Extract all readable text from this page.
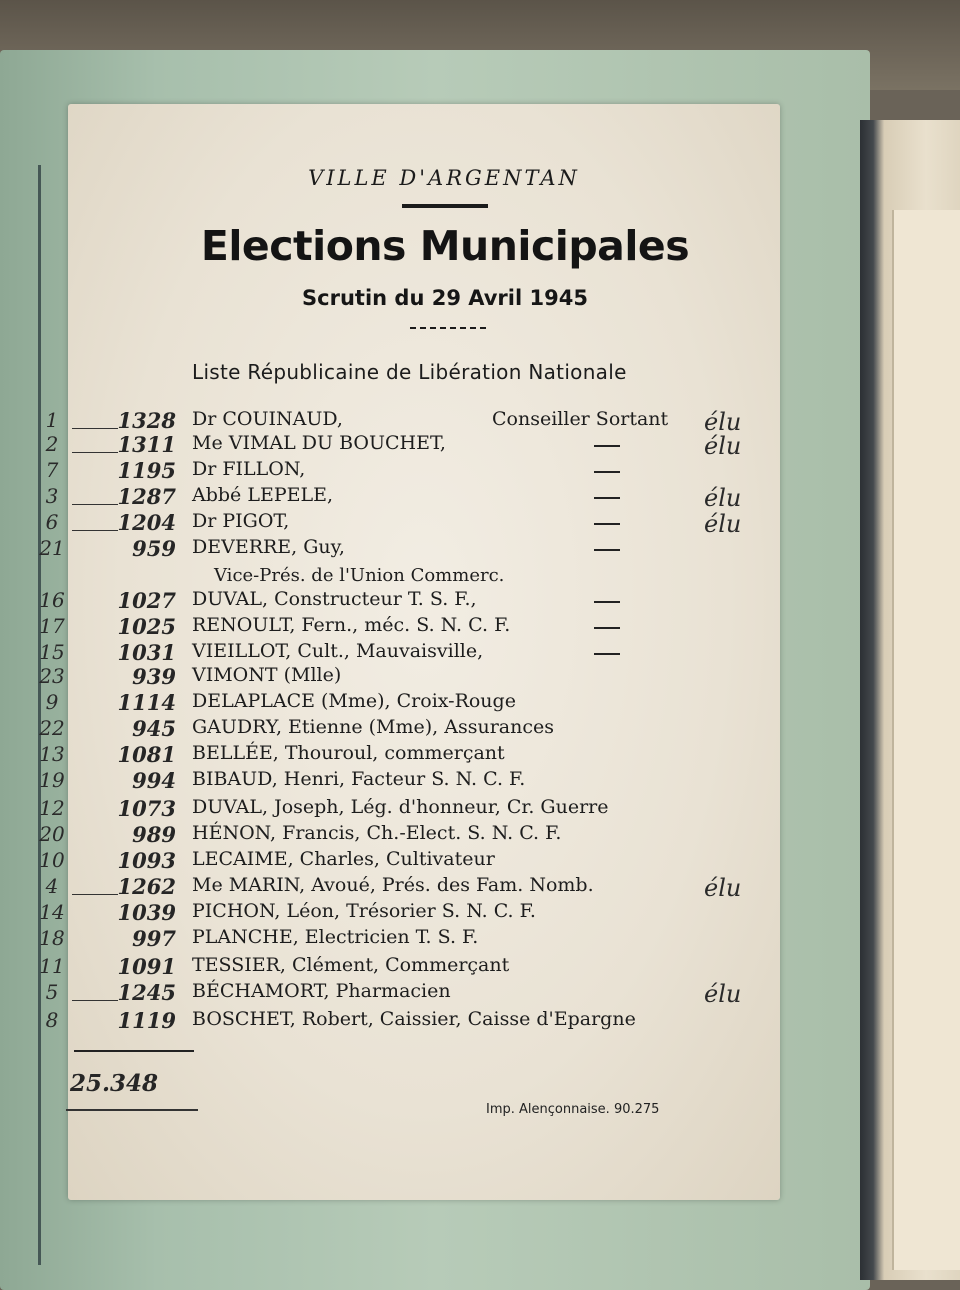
VILLE D'ARGENTAN
Elections Municipales
Scrutin du 29 Avril 1945
Liste Républicaine de Libération Nationale
1	1328 Dr COUINAUD,	Conseiller Sortant élu
2	1311 Me VIMAL DU BOUCHET,	élu
7	1195 Dr FILLON,
3	1287 Abbé LEPELE,	élu
6	1204 Dr PIGOT,	élu
21	959 DEVERRE, Guy,
16	1027 DUVAL, Constructeur T. S. F.,
17	1025 RENOULT, Fern., méc. S. N. C. F.
15	1031 VIEILLOT, Cult., Mauvaisville,
23	939 VIMONT (Mlle)
9	1114 DELAPLACE (Mme), Croix-Rouge
22	945 GAUDRY, Etienne (Mme), Assurances
13	1081 BELLÉE, Thouroul, commerçant
19	994 BIBAUD, Henri, Facteur S. N. C. F.
12	1073 DUVAL, Joseph, Lég. d'honneur, Cr. Guerre
20	989 HÉNON, Francis, Ch.-Elect. S. N. C. F.
10	1093 LECAIME, Charles, Cultivateur
4	1262 Me MARIN, Avoué, Prés. des Fam. Nomb.	élu
14	1039 PICHON, Léon, Trésorier S. N. C. F.
18	997 PLANCHE, Electricien T. S. F.
11	1091 TESSIER, Clément, Commerçant
5	1245 BÉCHAMORT, Pharmacien	élu
8	1119 BOSCHET, Robert, Caissier, Caisse d'Epargne
Vice-Prés. de l'Union Commerc.
25.348
Imp. Alençonnaise. 90.275
